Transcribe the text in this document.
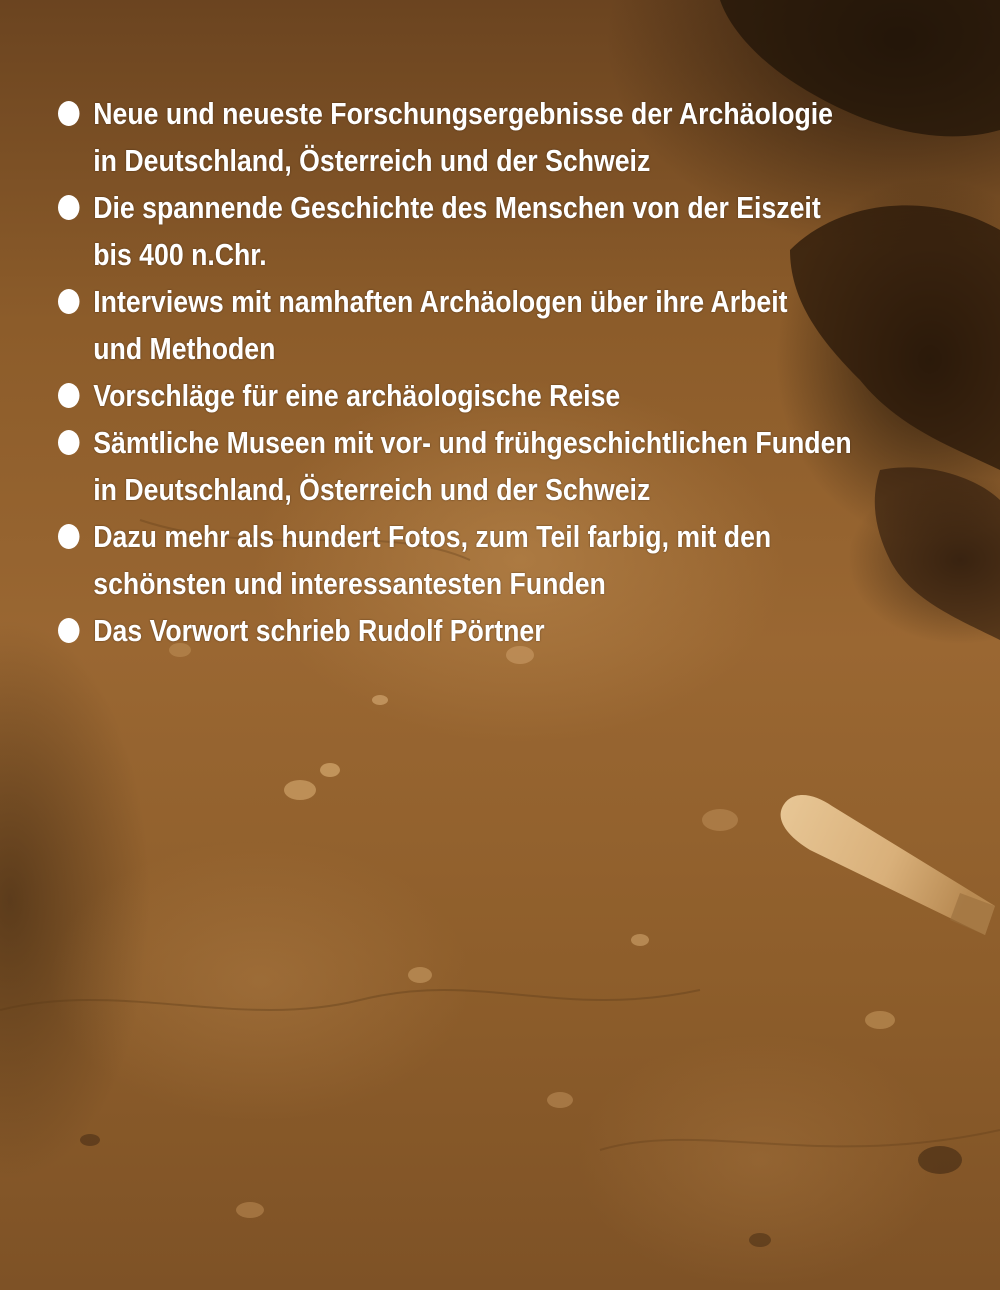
Neue und neueste Forschungsergebnisse der Archäologie
in Deutschland, Österreich und der Schweiz
Die spannende Geschichte des Menschen von der Eiszeit
bis 400 n.Chr.
Interviews mit namhaften Archäologen über ihre Arbeit
und Methoden
Vorschläge für eine archäologische Reise
Sämtliche Museen mit vor- und frühgeschichtlichen Funden
in Deutschland, Österreich und der Schweiz
Dazu mehr als hundert Fotos, zum Teil farbig, mit den
schönsten und interessantesten Funden
Das Vorwort schrieb Rudolf Pörtner
